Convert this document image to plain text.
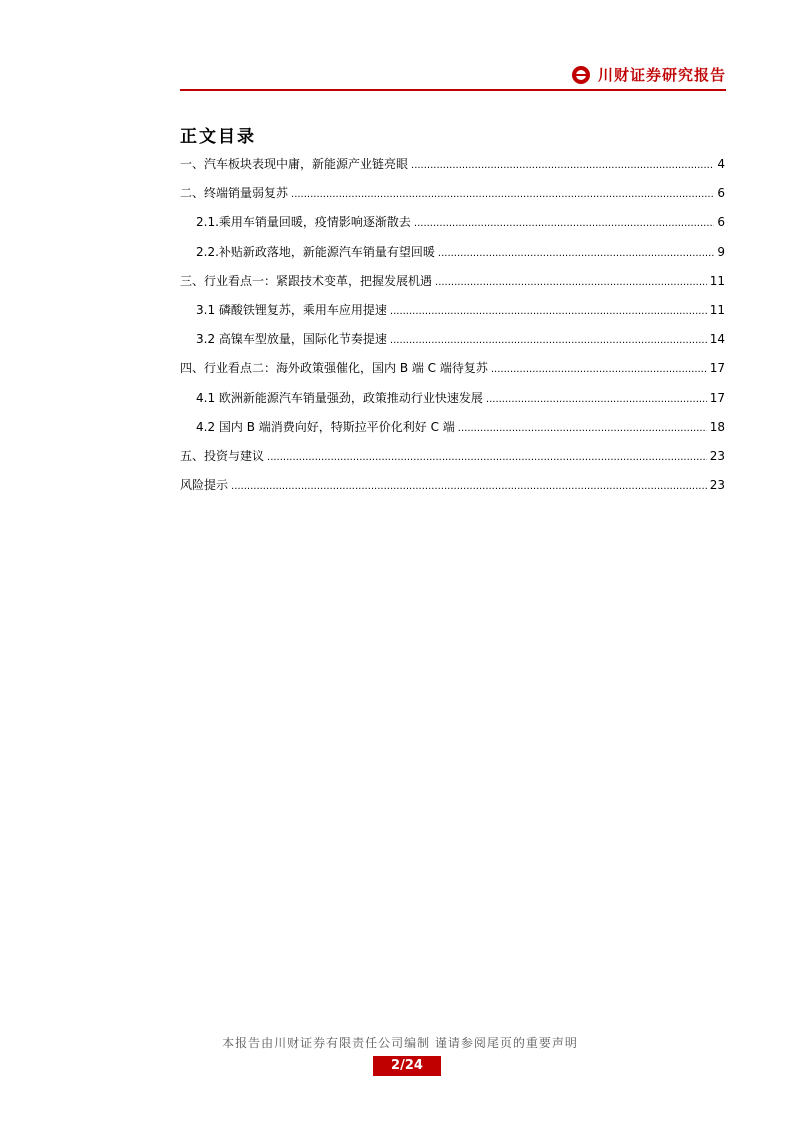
川财证券研究报告
正文目录
一、汽车板块表现中庸，新能源产业链亮眼 .....	4
二、终端销量弱复苏 .....	6
2.1.乘用车销量回暖，疫情影响逐渐散去 .....	6
2.2.补贴新政落地，新能源汽车销量有望回暖 .....	9
三、行业看点一：紧跟技术变革，把握发展机遇 .....	11
3.1 磷酸铁锂复苏，乘用车应用提速 .....	11
3.2 高镍车型放量，国际化节奏提速 .....	14
四、行业看点二：海外政策强催化，国内 B 端 C 端待复苏 .....	17
4.1 欧洲新能源汽车销量强劲，政策推动行业快速发展 .....	17
4.2 国内 B 端消费向好，特斯拉平价化利好 C 端 .....	18
五、投资与建议 .....	23
风险提示 .....	23
本报告由川财证券有限责任公司编制 谨请参阅尾页的重要声明
2/24
